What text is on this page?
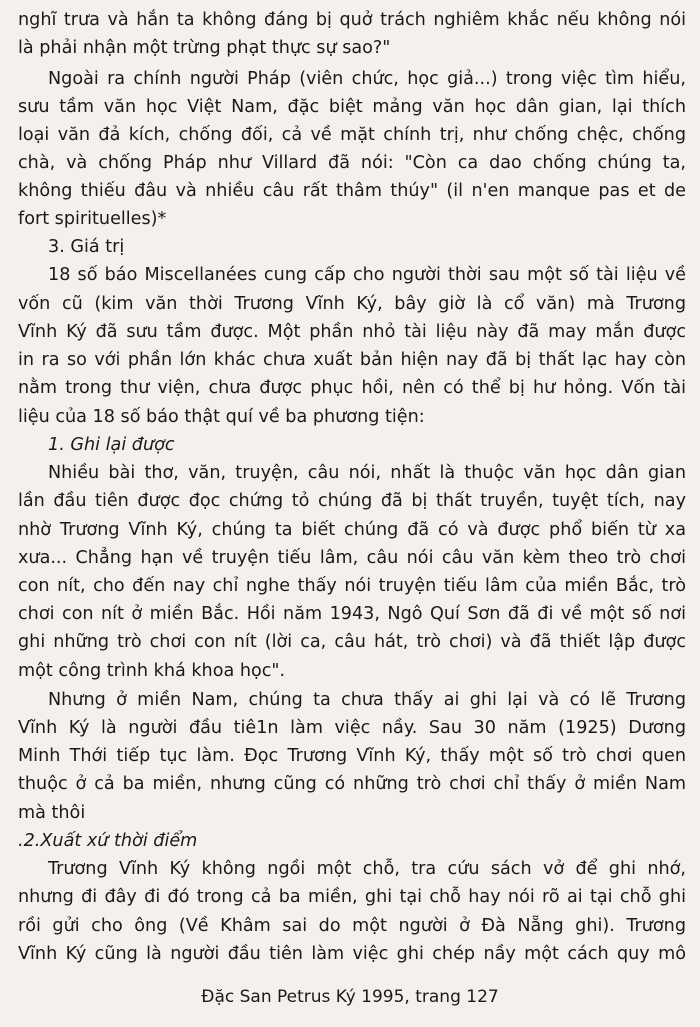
nghĩ trưa và hắn ta không đáng bị quở trách nghiêm khắc nếu không nói
là phải nhận một trừng phạt thực sự sao?"
Ngoài ra chính người Pháp (viên chức, học giả...) trong việc tìm hiểu,
sưu tầm văn học Việt Nam, đặc biệt mảng văn học dân gian, lại thích
loại văn đả kích, chống đối, cả về mặt chính trị, như chống chệc, chống
chà, và chống Pháp như Villard đã nói: "Còn ca dao chống chúng ta,
không thiếu đâu và nhiều câu rất thâm thúy" (il n'en manque pas et de
fort spirituelles)*
3. Giá trị
18 số báo Miscellanées cung cấp cho người thời sau một số tài liệu về
vốn cũ (kim văn thời Trương Vĩnh Ký, bây giờ là cổ văn) mà Trương
Vĩnh Ký đã sưu tầm được. Một phần nhỏ tài liệu này đã may mắn được
in ra so với phần lớn khác chưa xuất bản hiện nay đã bị thất lạc hay còn
nằm trong thư viện, chưa được phục hồi, nên có thể bị hư hỏng. Vốn tài
liệu của 18 số báo thật quí về ba phương tiện:
1. Ghi lại được
Nhiều bài thơ, văn, truyện, câu nói, nhất là thuộc văn học dân gian
lần đầu tiên được đọc chứng tỏ chúng đã bị thất truyền, tuyệt tích, nay
nhờ Trương Vĩnh Ký, chúng ta biết chúng đã có và được phổ biến từ xa
xưa... Chẳng hạn về truyện tiếu lâm, câu nói câu văn kèm theo trò chơi
con nít, cho đến nay chỉ nghe thấy nói truyện tiếu lâm của miền Bắc, trò
chơi con nít ở miền Bắc. Hồi năm 1943, Ngô Quí Sơn đã đi về một số nơi
ghi những trò chơi con nít (lời ca, câu hát, trò chơi) và đã thiết lập được
một công trình khá khoa học".
Nhưng ở miền Nam, chúng ta chưa thấy ai ghi lại và có lẽ Trương
Vĩnh Ký là người đầu tiê1n làm việc nầy. Sau 30 năm (1925) Dương
Minh Thới tiếp tục làm. Đọc Trương Vĩnh Ký, thấy một số trò chơi quen
thuộc ở cả ba miền, nhưng cũng có những trò chơi chỉ thấy ở miền Nam
mà thôi
.2.Xuất xứ thời điểm
Trương Vĩnh Ký không ngồi một chỗ, tra cứu sách vở để ghi nhớ,
nhưng đi đây đi đó trong cả ba miền, ghi tại chỗ hay nói rõ ai tại chỗ ghi
rồi gửi cho ông (Về Khâm sai do một người ở Đà Nẵng ghi). Trương
Vĩnh Ký cũng là người đầu tiên làm việc ghi chép nầy một cách quy mô
Đặc San Petrus Ký 1995, trang 127
